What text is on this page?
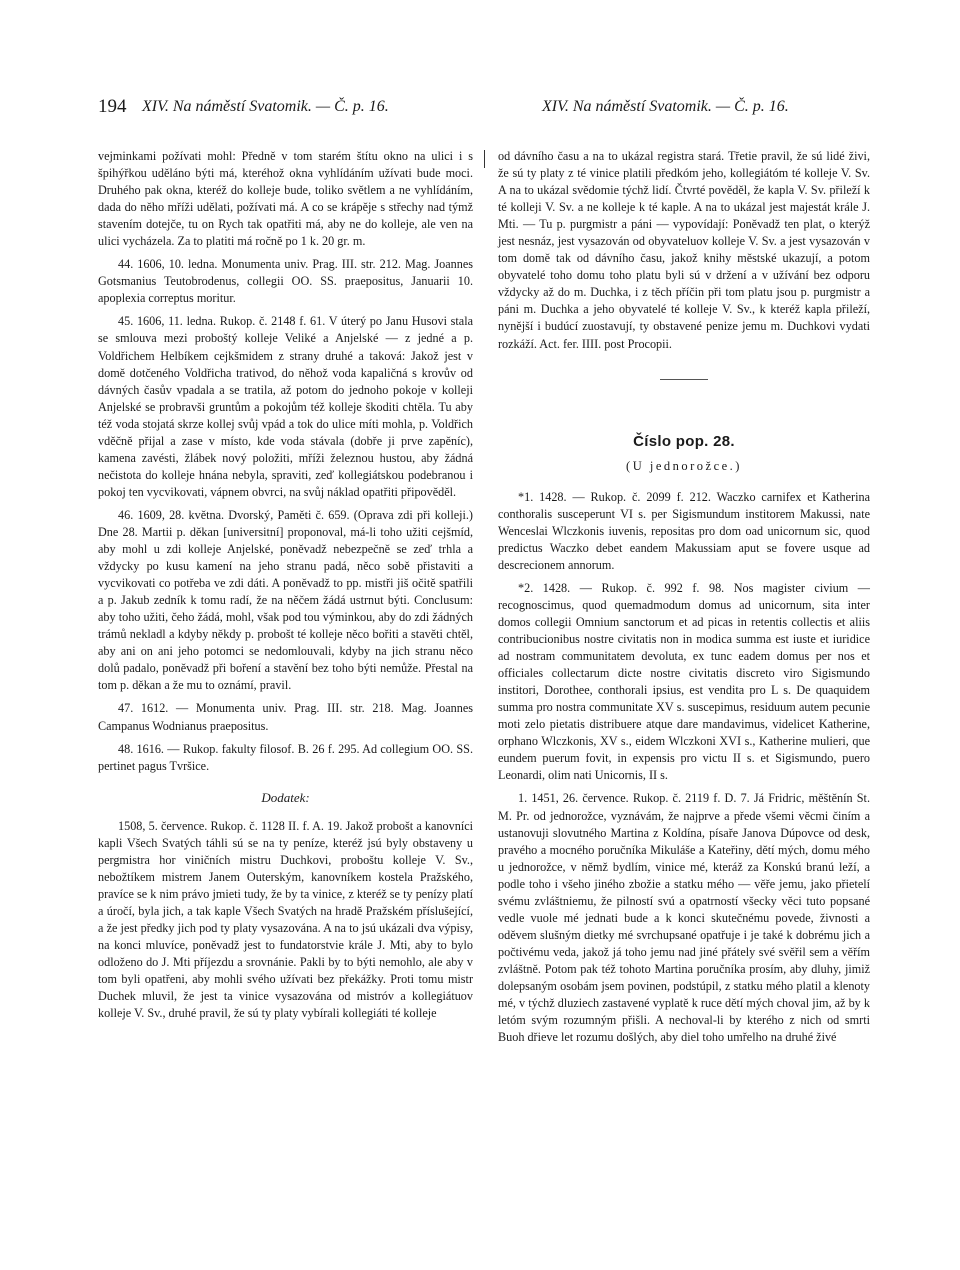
194 XIV. Na náměstí Svatomik. — Č. p. 16.	XIV. Na náměstí Svatomik. — Č. p. 16.

vejminkami požívati mohl: Předně v tom starém štítu okno na ulici i s špihýřkou uděláno býti má, kteréhož okna vyhlídáním užívati bude moci. Druhého pak okna, kteréž do kolleje bude, toliko světlem a ne vyhlídáním, dada do něho mříži udělati, požívati má. A co se krápěje s střechy nad týmž stavením dotejče, tu on Rych tak opatřiti má, aby ne do kolleje, ale ven na ulici vycházela. Za to platiti má ročně po 1 k. 20 gr. m.

44. 1606, 10. ledna. Monumenta univ. Prag. III. str. 212. Mag. Joannes Gotsmanius Teutobrodenus, collegii OO. SS. praepositus, Januarii 10. apoplexia correptus moritur.

45. 1606, 11. ledna. Rukop. č. 2148 f. 61. V úterý po Janu Husovi stala se smlouva mezi proboštý kolleje Veliké a Anjelské — z jedné a p. Voldřichem Helbíkem cejkšmidem z strany druhé a taková: Jakož jest v domě dotčeného Voldřicha trativod, do něhož voda kapaličná s krovův od dávných časův vpadala a se tratila, až potom do jednoho pokoje v kolleji Anjelské se probravši gruntům a pokojům též kolleje škoditi chtěla. Tu aby též voda stojatá skrze kollej svůj vpád a tok do ulice míti mohla, p. Voldřich vděčně přijal a zase v místo, kde voda stávala (dobře ji prve zapěníc), kamena zavésti, žlábek nový položiti, mříži železnou hustou, aby žádná nečistota do kolleje hnána nebyla, spraviti, zeď kollegiátskou podebranou i pokoj ten vycvikovati, vápnem obvrci, na svůj náklad opatřiti připověděl.

46. 1609, 28. května. Dvorský, Paměti č. 659. (Oprava zdi při kolleji.) Dne 28. Martii p. děkan [universitní] proponoval, má-li toho užiti cejšmíd, aby mohl u zdi kolleje Anjelské, poněvadž nebezpečně se zeď trhla a vždycky po kusu kamení na jeho stranu padá, něco sobě přistaviti a vycvikovati co potřeba ve zdi dáti. A poněvadž to pp. mistři jiš očitě spatřili a p. Jakub zedník k tomu radí, že na něčem žádá ustrnut býti. Conclusum: aby toho užiti, čeho žádá, mohl, však pod tou výminkou, aby do zdi žádných trámů nekladl a kdyby někdy p. probošt té kolleje něco bořiti a stavěti chtěl, aby ani on ani jeho potomci se nedomlouvali, kdyby na jich stranu něco dolů padalo, poněvadž při boření a stavění bez toho býti nemůže. Přestal na tom p. děkan a že mu to oznámí, pravil.

47. 1612. — Monumenta univ. Prag. III. str. 218. Mag. Joannes Campanus Wodnianus praepositus.

48. 1616. — Rukop. fakulty filosof. B. 26 f. 295. Ad collegium OO. SS. pertinet pagus Tvršice.

Dodatek:

1508, 5. července. Rukop. č. 1128 II. f. A. 19. Jakož probošt a kanovníci kapli Všech Svatých táhli sú se na ty peníze, kteréž jsú byly obstaveny u pergmistra hor viničních mistru Duchkovi, proboštu kolleje V. Sv., nebožtíkem mistrem Janem Outerským, kanovníkem kostela Pražského, pravíce se k nim právo jmieti tudy, že by ta vinice, z kteréž se ty penízy platí a úročí, byla jich, a tak kaple Všech Svatých na hradě Pražském příslušející, a že jest předky jich pod ty platy vysazována. A na to jsú ukázali dva výpisy, na konci mluvíce, poněvadž jest to fundatorstvie krále J. Mti, aby to bylo odloženo do J. Mti příjezdu a srovnánie. Pakli by to býti nemohlo, ale aby v tom byli opatřeni, aby mohli svého užívati bez překážky. Proti tomu mistr Duchek mluvil, že jest ta vinice vysazována od mistróv a kollegiátuov kolleje V. Sv., druhé pravil, že sú ty platy vybírali kollegiáti té kolleje

od dávního času a na to ukázal registra stará. Třetie pravil, že sú lidé živi, že sú ty platy z té vinice platili předkóm jeho, kollegiátóm té kolleje V. Sv. A na to ukázal svědomie týchž lidí. Čtvrté pověděl, že kapla V. Sv. přileží k té kolleji V. Sv. a ne kolleje k té kaple. A na to ukázal jest majestát krále J. Mti. — Tu p. purgmistr a páni — vypovídají: Poněvadž ten plat, o kterýž jest nesnáz, jest vysazován od obyvateluov kolleje V. Sv. a jest vysazován v tom domě tak od dávního času, jakož knihy městské ukazují, a potom obyvatelé toho domu toho platu byli sú v držení a v užívání bez odporu vždycky až do m. Duchka, i z těch příčin při tom platu jsou p. purgmistr a páni m. Duchka a jeho obyvatelé té kolleje V. Sv., k kteréž kapla přileží, nynější i budúcí zuostavují, ty obstavené penize jemu m. Duchkovi vydati rozkáží. Act. fer. IIII. post Procopii.

Číslo pop. 28.
(U jednorožce.)

*1. 1428. — Rukop. č. 2099 f. 212. Waczko carnifex et Katherina conthoralis susceperunt VI s. per Sigismundum institorem Makussi, nate Wenceslai Wlczkonis iuvenis, repositas pro dom oad unicornum sic, quod predictus Waczko debet eandem Makussiam aput se fovere usque ad descrecionem annorum.

*2. 1428. — Rukop. č. 992 f. 98. Nos magister civium — recognoscimus, quod quemadmodum domus ad unicornum, sita inter domos collegii Omnium sanctorum et ad picas in retentis collectis et aliis contribucionibus nostre civitatis non in modica summa est iuste et iuridice ad nostram communitatem devoluta, ex tunc eadem domus per nos et officiales collectarum dicte nostre civitatis discreto viro Sigismundo institori, Dorothee, conthorali ipsius, est vendita pro L s. De quaquidem summa pro nostra communitate XV s. suscepimus, residuum autem pecunie moti zelo pietatis distribuere atque dare mandavimus, videlicet Katherine, orphano Wlczkonis, XV s., eidem Wlczkoni XVI s., Katherine mulieri, que eundem puerum fovit, in expensis pro victu II s. et Sigismundo, puero Leonardi, olim nati Unicornis, II s.

1. 1451, 26. července. Rukop. č. 2119 f. D. 7. Já Fridric, měštěnín St. M. Pr. od jednorožce, vyznávám, že najprve a přede všemi věcmi činím a ustanovuji slovutného Martina z Koldína, písaře Janova Dúpovce od desk, pravého a mocného poručníka Mikuláše a Kateřiny, dětí mých, domu mého u jednorožce, v němž bydlím, vinice mé, kteráž za Konskú branú leží, a podle toho i všeho jiného zbožie a statku mého — věře jemu, jako přietelí svému zvláštniemu, že pilností svú a opatrností všecky věci tuto popsané vedle vuole mé jednati bude a k konci skutečnému povede, živnosti a oděvem slušným dietky mé svrchupsané opatřuje i je také k dobrému jich a počtivému veda, jakož já toho jemu nad jiné přátely své svěřil sem a věřím zvláštně. Potom pak též tohoto Martina poručníka prosím, aby dluhy, jimiž dolepsaným osobám jsem povinen, podstúpil, z statku mého platil a klenoty mé, v týchž dluziech zastavené vyplatě k ruce dětí mých choval jim, až by k letóm svým rozumným přišli. A nechoval-li by kterého z nich od smrti Buoh dřieve let rozumu došlých, aby diel toho umřelho na druhé živé
